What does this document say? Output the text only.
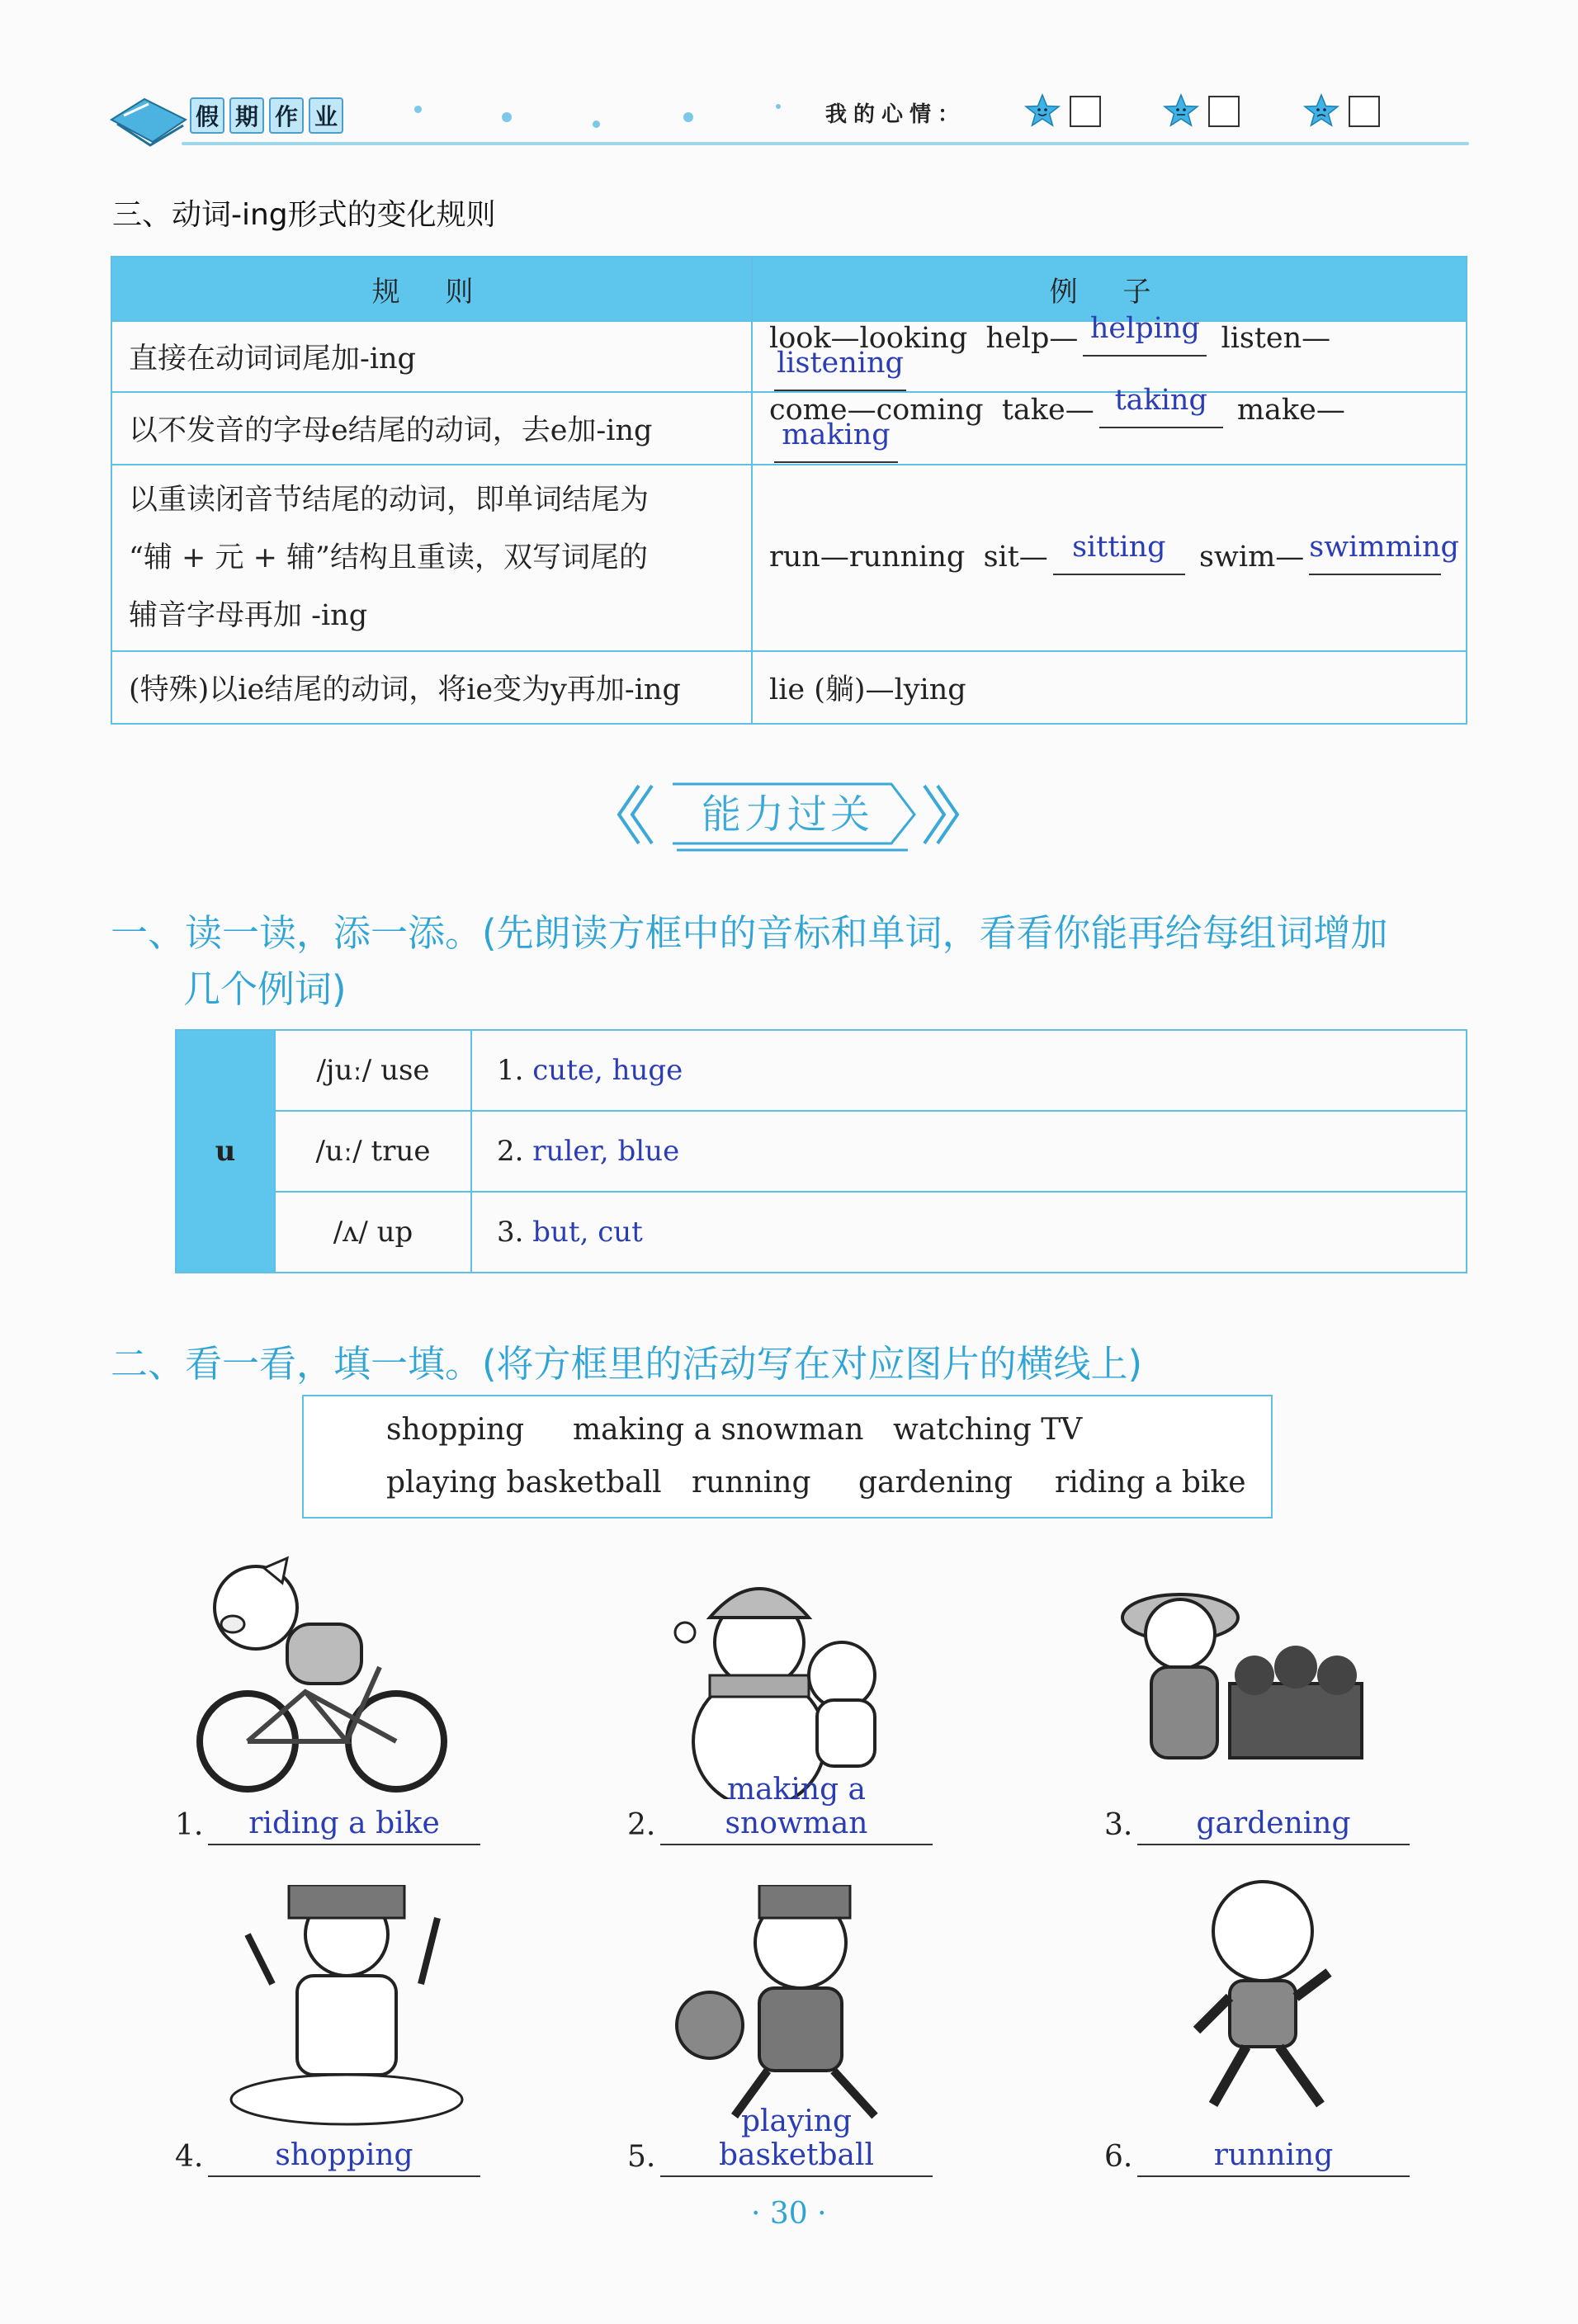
假 期 作 业	我的心情：
三、动词-ing形式的变化规则
规 则	例 子
直接在动词词尾加-ing	look—looking help— helping listen—listening
以不发音的字母e结尾的动词，去e加-ing	come—coming take— taking make—making

以重读闭音节结尾的动词，即单词结尾为
“辅 + 元 + 辅”结构且重读，双写词尾的
辅音字母再加 -ing	run—running sit— sitting swim— swimming
(特殊)以ie结尾的动词，将ie变为y再加-ing	lie (躺)—lying
能力过关
一、读一读，添一添。(先朗读方框中的音标和单词，看看你能再给每组词增加
几个例词)
u	/juː/ use	1. cute, huge
	/uː/ true	2. ruler, blue
	/ʌ/ up	3. but, cut
二、看一看，填一填。(将方框里的活动写在对应图片的横线上)
shopping making a snowman watching TV
playing basketball running gardening riding a bike
1.	riding a bike	2.
making a snowman	3.	gardening
4.	shopping	5.
playing basketball	6.	running
· 30 ·
